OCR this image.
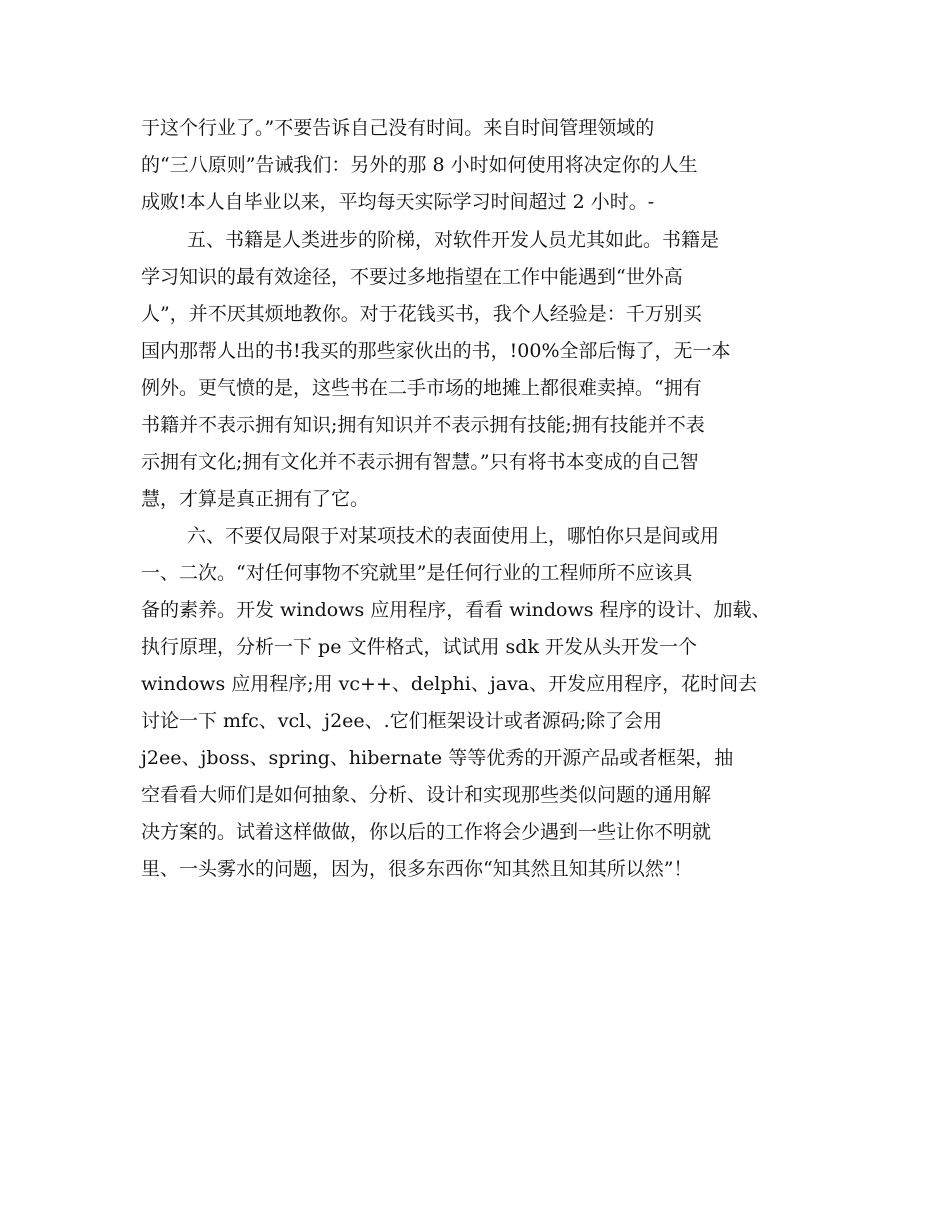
于这个行业了。”不要告诉自己没有时间。来自时间管理领域的
的“三八原则”告诫我们：另外的那 8 小时如何使用将决定你的人生
成败!本人自毕业以来，平均每天实际学习时间超过 2 小时。-
五、书籍是人类进步的阶梯，对软件开发人员尤其如此。书籍是
学习知识的最有效途径，不要过多地指望在工作中能遇到“世外高
人”，并不厌其烦地教你。对于花钱买书，我个人经验是：千万别买
国内那帮人出的书!我买的那些家伙出的书，!00%全部后悔了，无一本
例外。更气愤的是，这些书在二手市场的地摊上都很难卖掉。“拥有
书籍并不表示拥有知识;拥有知识并不表示拥有技能;拥有技能并不表
示拥有文化;拥有文化并不表示拥有智慧。”只有将书本变成的自己智
慧，才算是真正拥有了它。
六、不要仅局限于对某项技术的表面使用上，哪怕你只是间或用
一、二次。“对任何事物不究就里”是任何行业的工程师所不应该具
备的素养。开发 windows 应用程序，看看 windows 程序的设计、加载、
执行原理，分析一下 pe 文件格式，试试用 sdk 开发从头开发一个
windows 应用程序;用 vc++、delphi、java、开发应用程序，花时间去
讨论一下 mfc、vcl、j2ee、.它们框架设计或者源码;除了会用
j2ee、jboss、spring、hibernate 等等优秀的开源产品或者框架，抽
空看看大师们是如何抽象、分析、设计和实现那些类似问题的通用解
决方案的。试着这样做做，你以后的工作将会少遇到一些让你不明就
里、一头雾水的问题，因为，很多东西你“知其然且知其所以然”！
